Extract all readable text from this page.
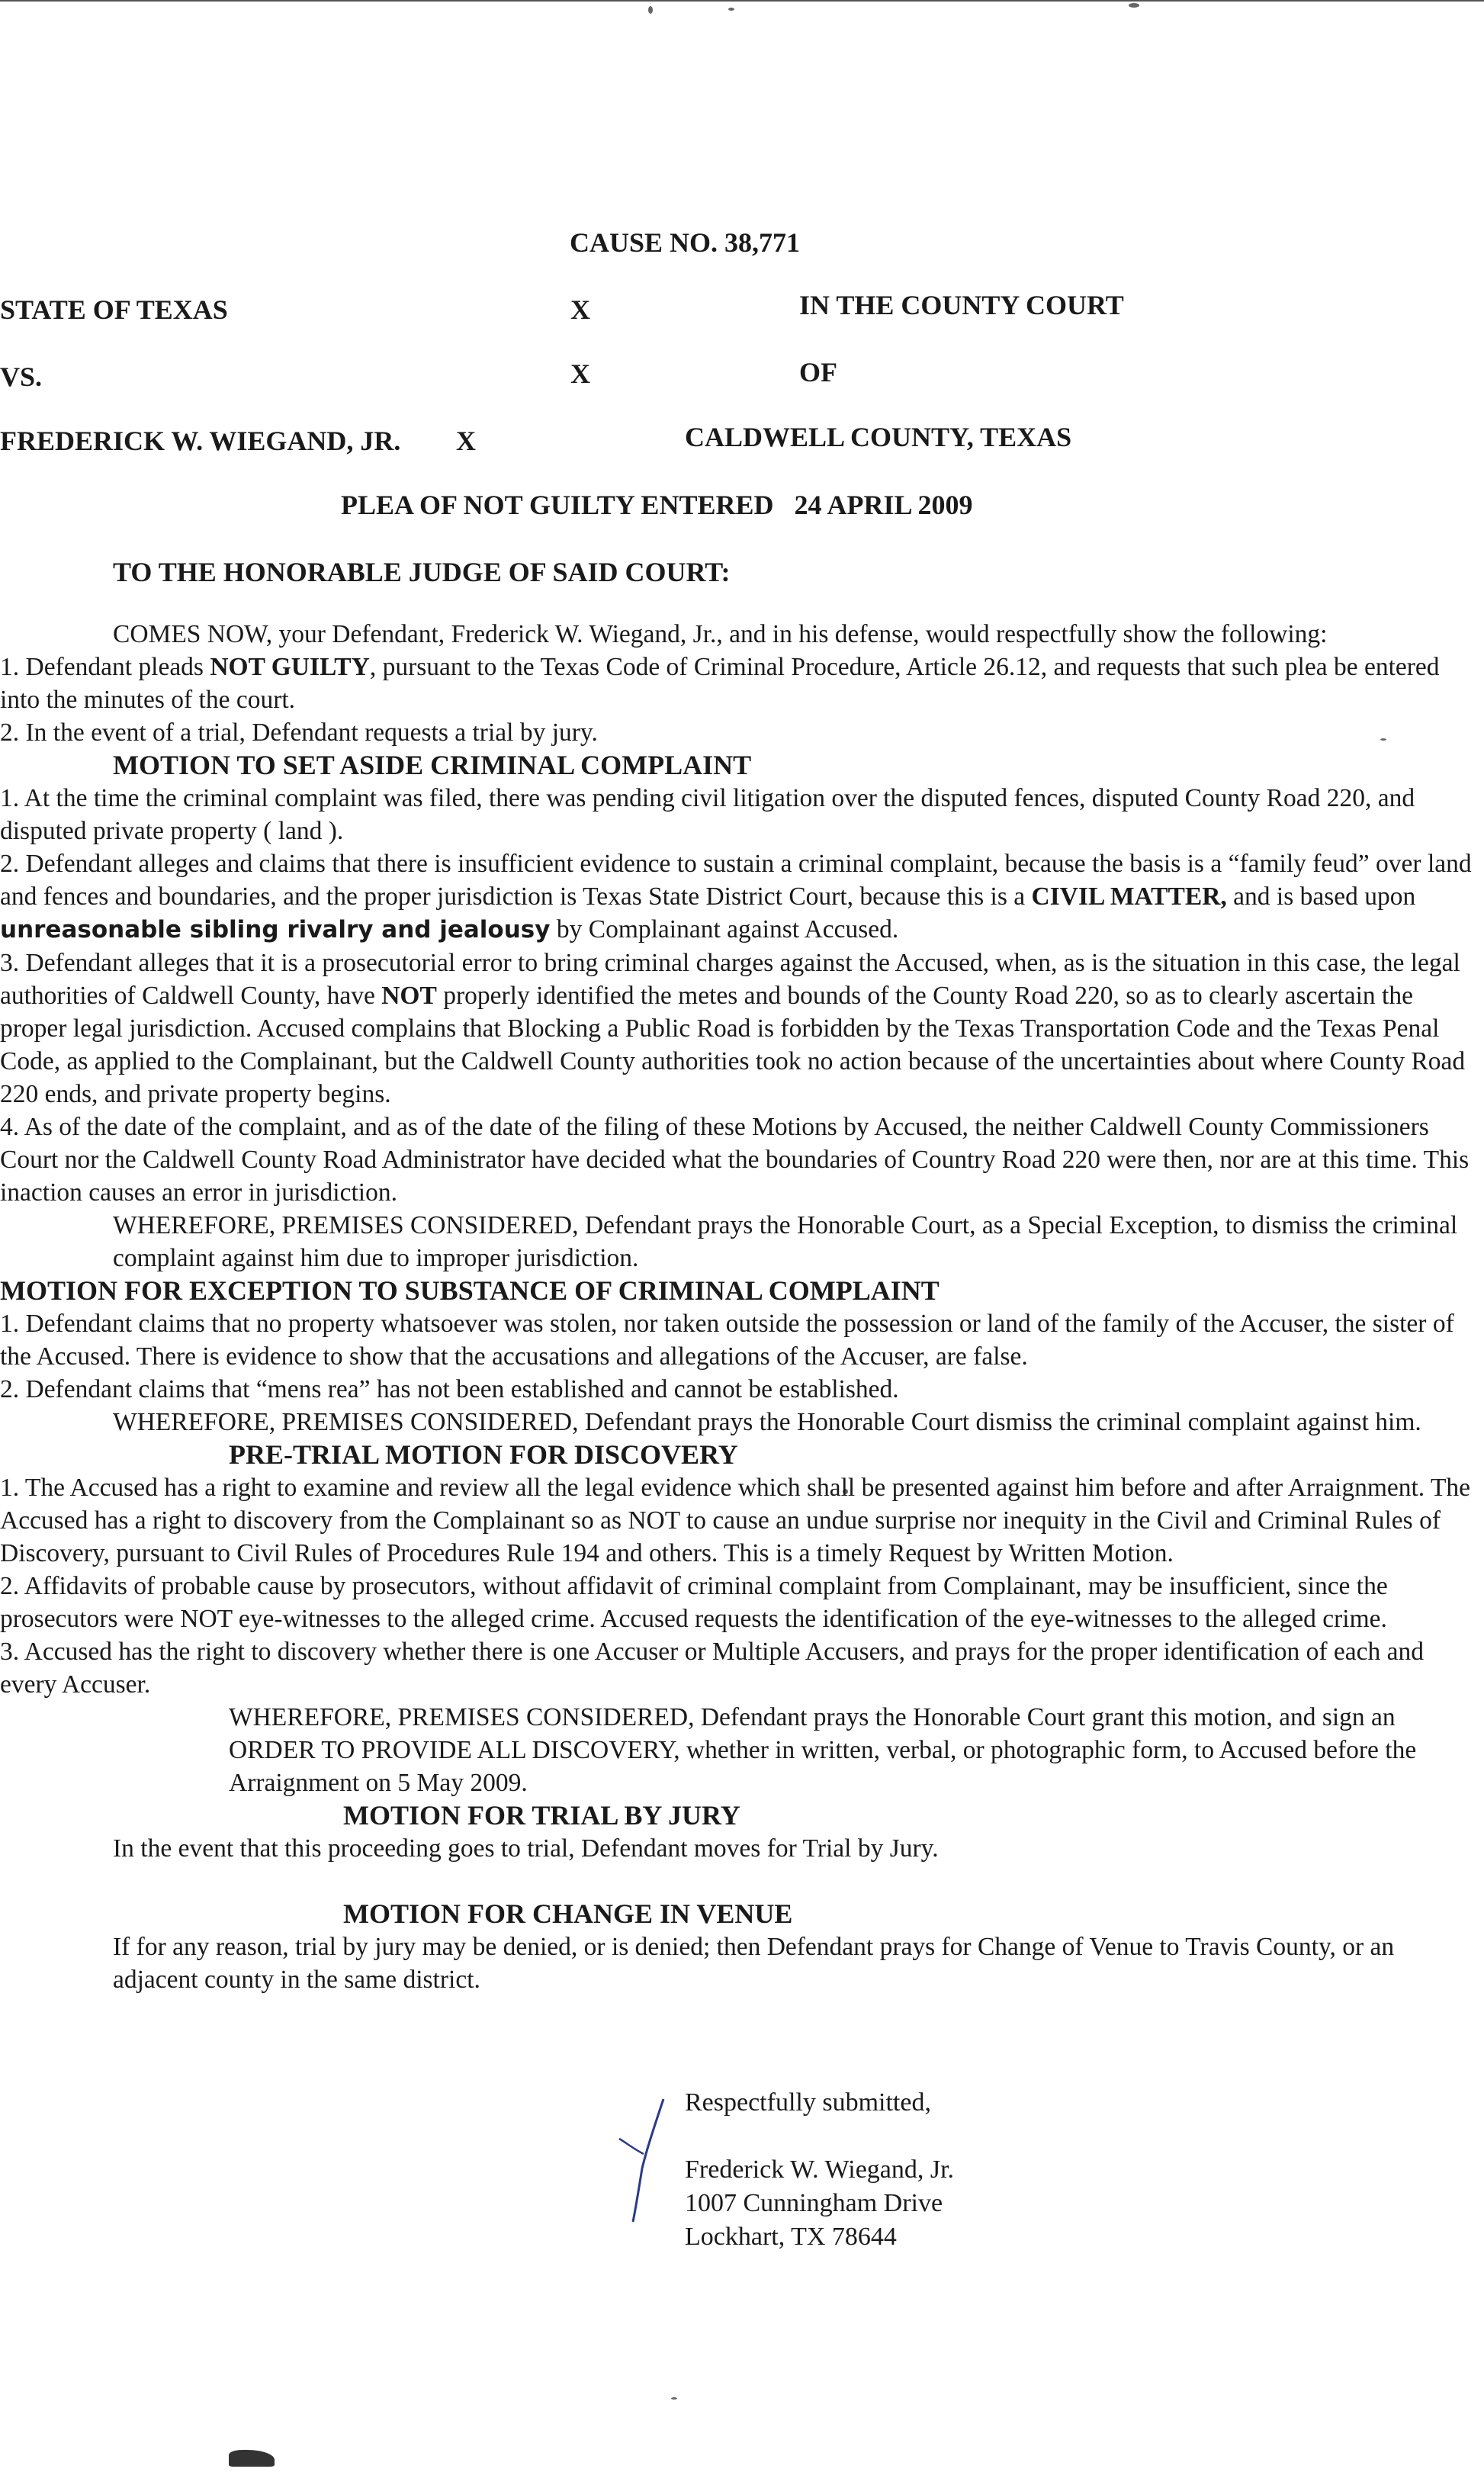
CAUSE NO. 38,771
STATE OF TEXAS	X	IN THE COUNTY COURT
VS.	X	OF
FREDERICK W. WIEGAND, JR. X	CALDWELL COUNTY, TEXAS
PLEA OF NOT GUILTY ENTERED   24 APRIL 2009
TO THE HONORABLE JUDGE OF SAID COURT:

COMES NOW, your Defendant, Frederick W. Wiegand, Jr., and in his defense, would respectfully show the following:

1. Defendant pleads NOT GUILTY, pursuant to the Texas Code of Criminal Procedure, Article 26.12, and requests that such plea be entered into the minutes of the court.

2. In the event of a trial, Defendant requests a trial by jury.

MOTION TO SET ASIDE CRIMINAL COMPLAINT

1. At the time the criminal complaint was filed, there was pending civil litigation over the disputed fences, disputed County Road 220, and disputed private property ( land ).

2. Defendant alleges and claims that there is insufficient evidence to sustain a criminal complaint, because the basis is a “family feud” over land and fences and boundaries, and the proper jurisdiction is Texas State District Court, because this is a CIVIL MATTER, and is based upon unreasonable sibling rivalry and jealousy by Complainant against Accused.

3. Defendant alleges that it is a prosecutorial error to bring criminal charges against the Accused, when, as is the situation in this case, the legal authorities of Caldwell County, have NOT properly identified the metes and bounds of the County Road 220, so as to clearly ascertain the proper legal jurisdiction. Accused complains that Blocking a Public Road is forbidden by the Texas Transportation Code and the Texas Penal Code, as applied to the Complainant, but the Caldwell County authorities took no action because of the uncertainties about where County Road 220 ends, and private property begins.

4. As of the date of the complaint, and as of the date of the filing of these Motions by Accused, the neither Caldwell County Commissioners Court nor the Caldwell County Road Administrator have decided what the boundaries of Country Road 220 were then, nor are at this time. This inaction causes an error in jurisdiction.

WHEREFORE, PREMISES CONSIDERED, Defendant prays the Honorable Court, as a Special Exception, to dismiss the criminal complaint against him due to improper jurisdiction.

MOTION FOR EXCEPTION TO SUBSTANCE OF CRIMINAL COMPLAINT

1. Defendant claims that no property whatsoever was stolen, nor taken outside the possession or land of the family of the Accuser, the sister of the Accused. There is evidence to show that the accusations and allegations of the Accuser, are false.

2. Defendant claims that “mens rea” has not been established and cannot be established.

WHEREFORE, PREMISES CONSIDERED, Defendant prays the Honorable Court dismiss the criminal complaint against him.

PRE-TRIAL MOTION FOR DISCOVERY

1. The Accused has a right to examine and review all the legal evidence which shall be presented against him before and after Arraignment. The Accused has a right to discovery from the Complainant so as NOT to cause an undue surprise nor inequity in the Civil and Criminal Rules of Discovery, pursuant to Civil Rules of Procedures Rule 194 and others. This is a timely Request by Written Motion.

2. Affidavits of probable cause by prosecutors, without affidavit of criminal complaint from Complainant, may be insufficient, since the prosecutors were NOT eye-witnesses to the alleged crime. Accused requests the identification of the eye-witnesses to the alleged crime.

3. Accused has the right to discovery whether there is one Accuser or Multiple Accusers, and prays for the proper identification of each and every Accuser.

WHEREFORE, PREMISES CONSIDERED, Defendant prays the Honorable Court grant this motion, and sign an ORDER TO PROVIDE ALL DISCOVERY, whether in written, verbal, or photographic form, to Accused before the Arraignment on 5 May 2009.

MOTION FOR TRIAL BY JURY

In the event that this proceeding goes to trial, Defendant moves for Trial by Jury.

MOTION FOR CHANGE IN VENUE

If for any reason, trial by jury may be denied, or is denied; then Defendant prays for Change of Venue to Travis County, or an adjacent county in the same district.

Respectfully submitted,

Frederick W. Wiegand, Jr.

1007 Cunningham Drive

Lockhart, TX 78644
